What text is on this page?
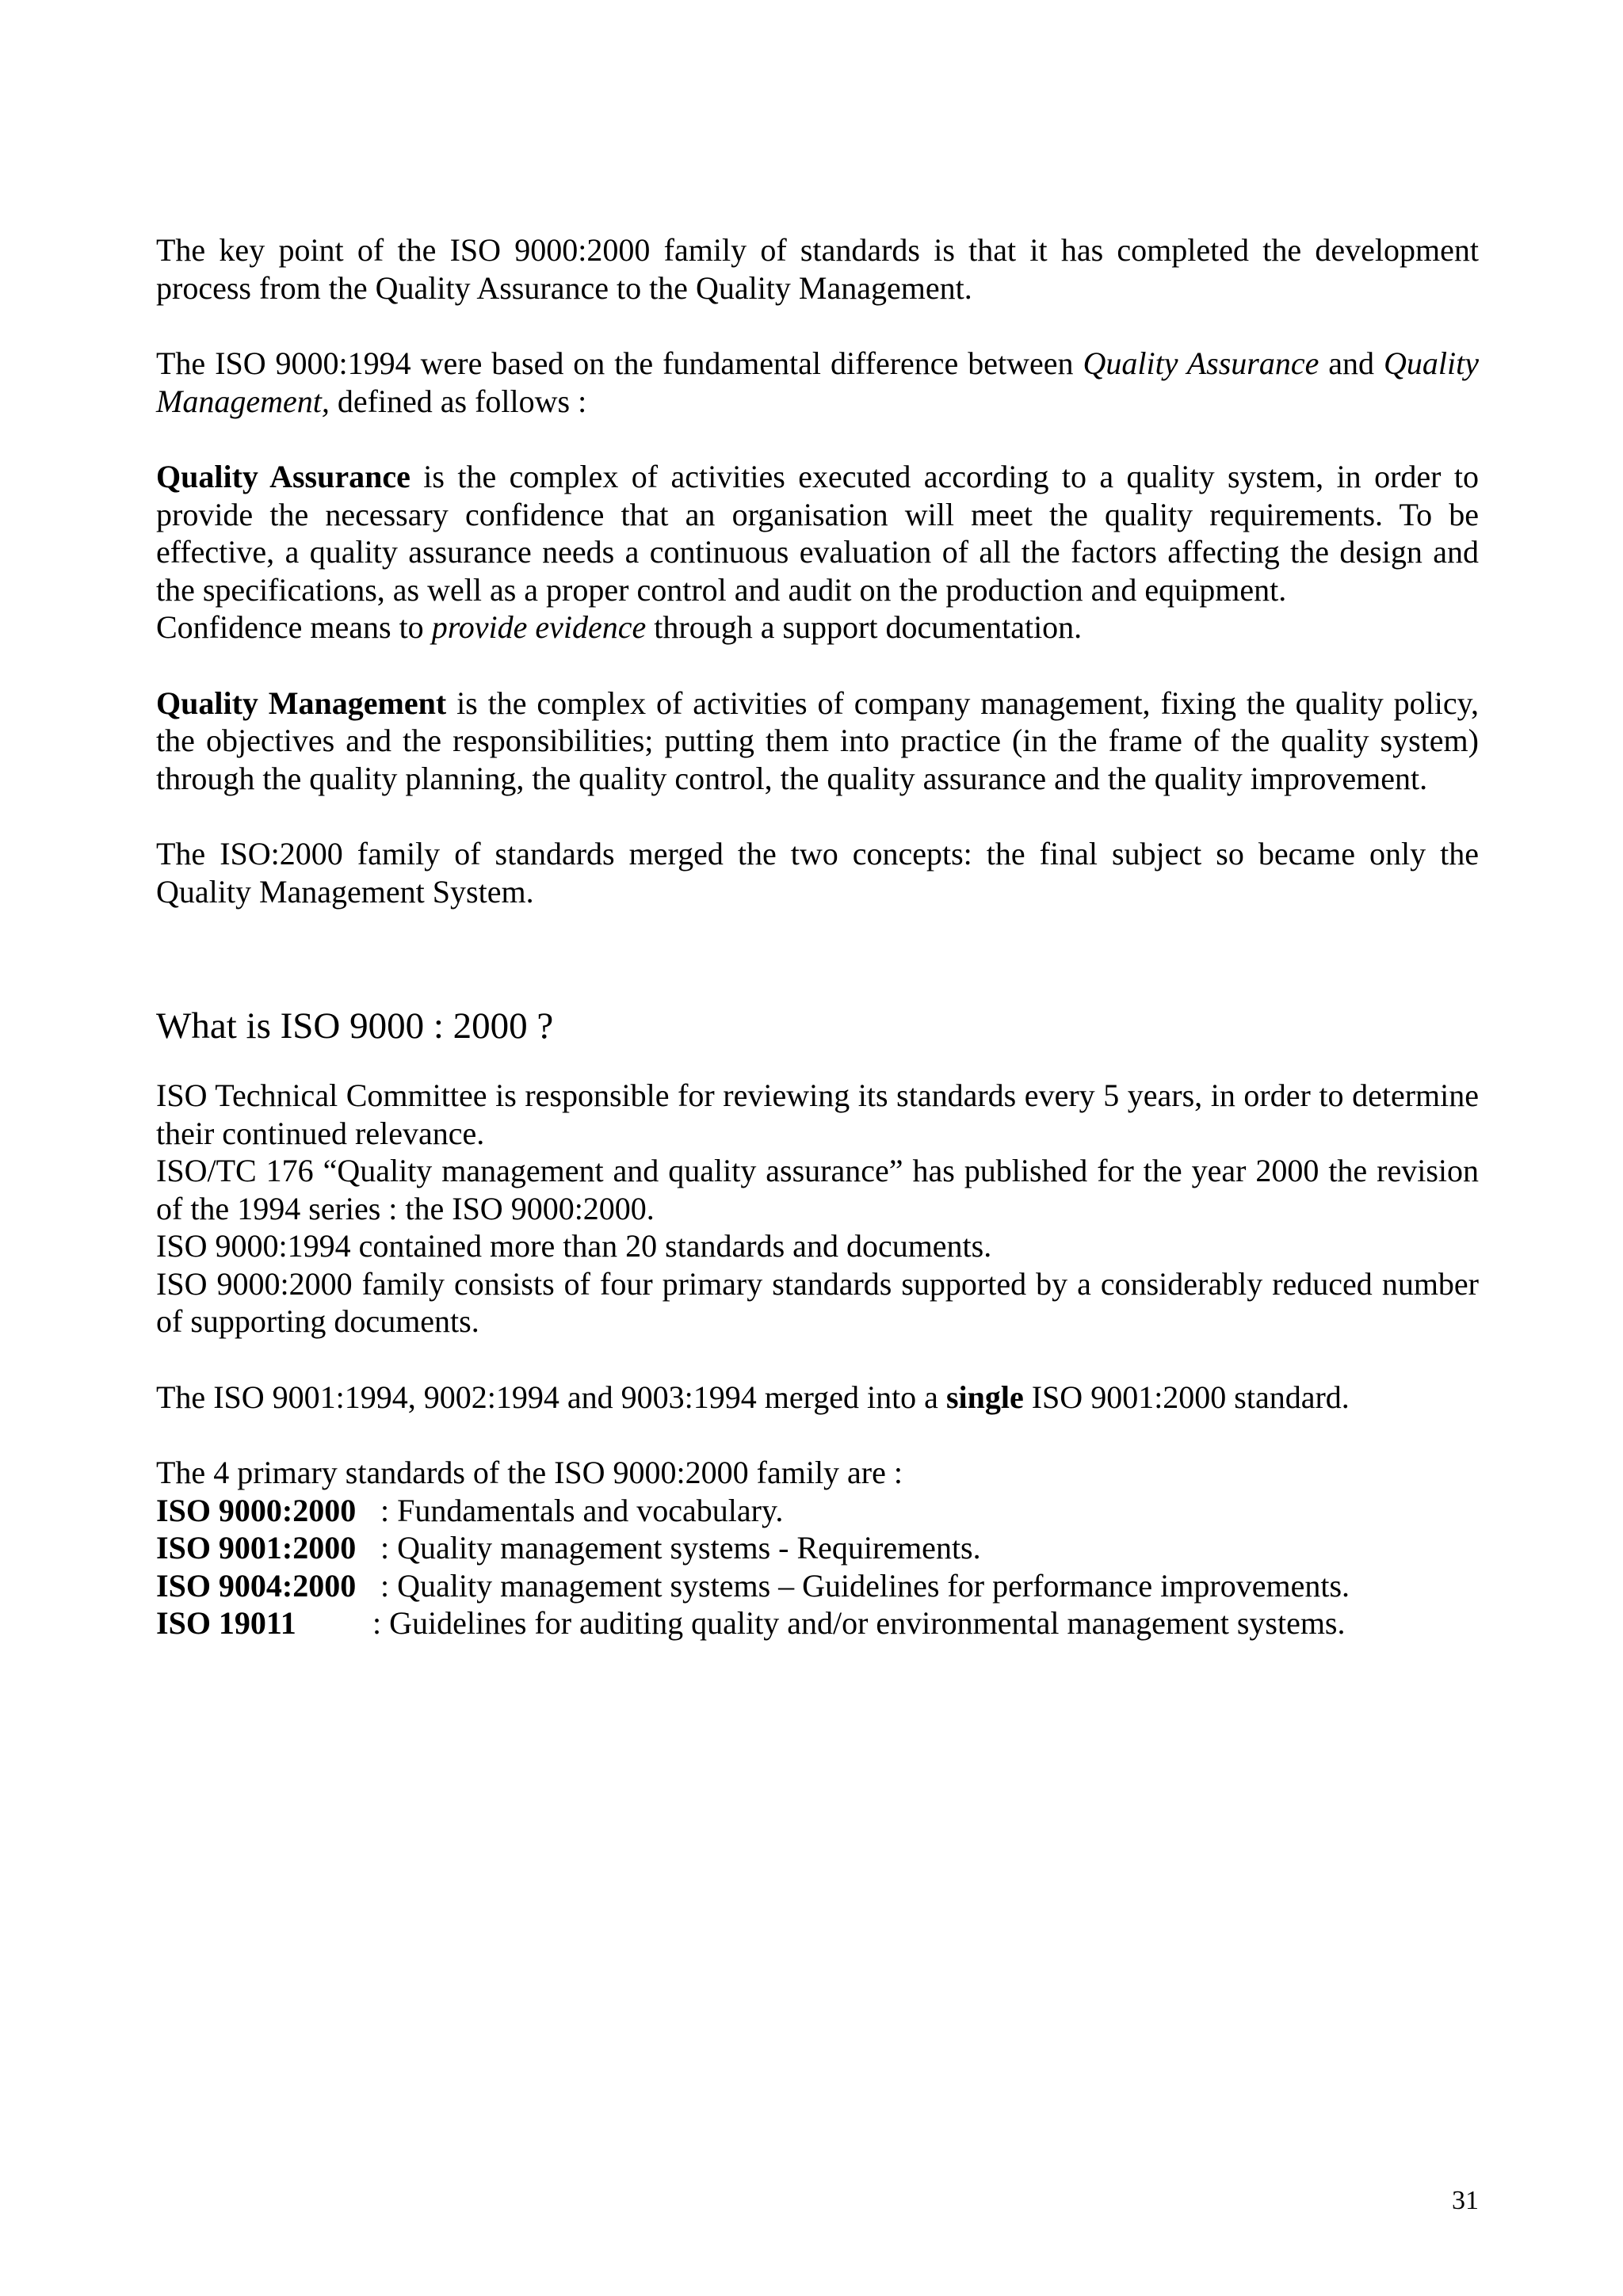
The key point of the ISO 9000:2000 family of standards is that it has completed the development process from the Quality Assurance to the Quality Management.

The ISO 9000:1994 were based on the fundamental difference between Quality Assurance and Quality Management, defined as follows :

Quality Assurance is the complex of activities executed according to a quality system, in order to provide the necessary confidence that an organisation will meet the quality requirements. To be effective, a quality assurance needs a continuous evaluation of all the factors affecting the design and the specifications, as well as a proper control and audit on the production and equipment.
Confidence means to provide evidence through a support documentation.

Quality Management is the complex of activities of company management, fixing the quality policy, the objectives and the responsibilities; putting them into practice (in the frame of the quality system) through the quality planning, the quality control, the quality assurance and the quality improvement.

The ISO:2000 family of standards merged the two concepts: the final subject so became only the Quality Management System.

What is ISO 9000 : 2000 ?

ISO Technical Committee is responsible for reviewing its standards every 5 years, in order to determine their continued relevance.
ISO/TC 176 “Quality management and quality assurance” has published for the year 2000 the revision of the 1994 series : the ISO 9000:2000.
ISO 9000:1994 contained more than 20 standards and documents.
ISO 9000:2000 family consists of four primary standards supported by a considerably reduced number of supporting documents.

The ISO 9001:1994, 9002:1994 and 9003:1994 merged into a single ISO 9001:2000 standard.

The 4 primary standards of the ISO 9000:2000 family are :
ISO 9000:2000 : Fundamentals and vocabulary.
ISO 9001:2000 : Quality management systems - Requirements.
ISO 9004:2000 : Quality management systems – Guidelines for performance improvements.
ISO 19011 : Guidelines for auditing quality and/or environmental management systems.
31
